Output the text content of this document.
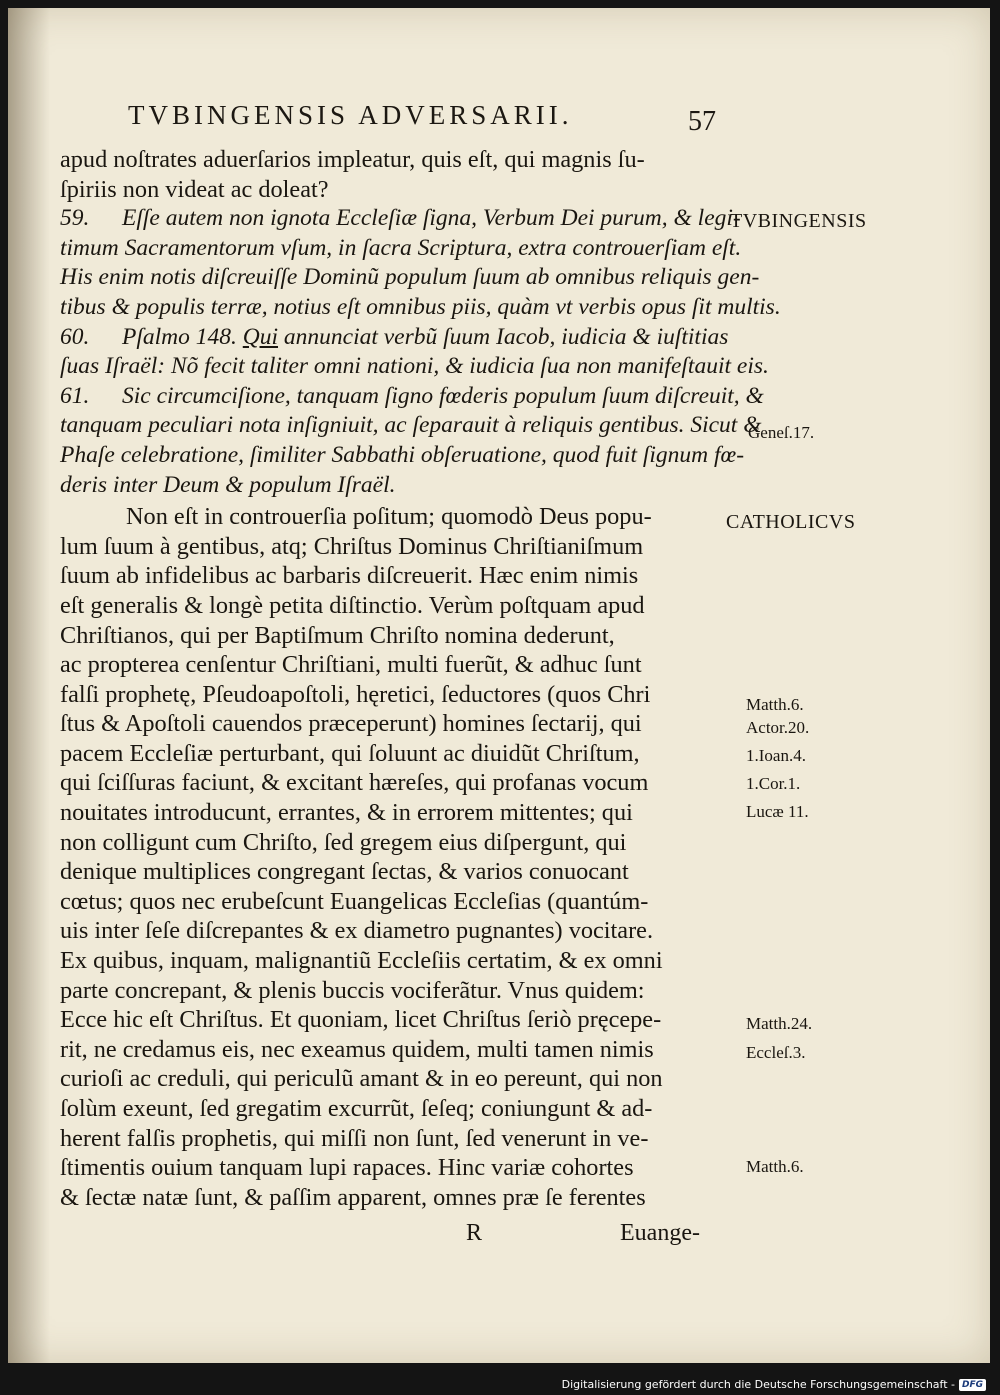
TVBINGENSIS ADVERSARII.	57
apud noſtrates aduerſarios impleatur, quis eſt, qui magnis ſu-
ſpiriis non videat ac doleat?
59. Eſſe autem non ignota Eccleſiæ ſigna, Verbum Dei purum, & legi-
timum Sacramentorum vſum, in ſacra Scriptura, extra controuerſiam eſt.
His enim notis diſcreuiſſe Dominũ populum ſuum ab omnibus reliquis gen-
tibus & populis terræ, notius eſt omnibus piis, quàm vt verbis opus ſit multis.
60. Pſalmo 148. Qui annunciat verbũ ſuum Iacob, iudicia & iuſtitias
ſuas Iſraël: Nõ fecit taliter omni nationi, & iudicia ſua non manifeſtauit eis.
61. Sic circumciſione, tanquam ſigno fœderis populum ſuum diſcreuit, &
tanquam peculiari nota inſigniuit, ac ſeparauit à reliquis gentibus. Sicut &
Phaſe celebratione, ſimiliter Sabbathi obſeruatione, quod fuit ſignum fœ-
deris inter Deum & populum Iſraël.
Non eſt in controuerſia poſitum; quomodò Deus popu-
lum ſuum à gentibus, atq; Chriſtus Dominus Chriſtianiſmum
ſuum ab infidelibus ac barbaris diſcreuerit. Hæc enim nimis
eſt generalis & longè petita diſtinctio. Verùm poſtquam apud
Chriſtianos, qui per Baptiſmum Chriſto nomina dederunt,
ac propterea cenſentur Chriſtiani, multi fuerũt, & adhuc ſunt
falſi prophetę, Pſeudoapoſtoli, hęretici, ſeductores (quos Chri
ſtus & Apoſtoli cauendos præceperunt) homines ſectarij, qui
pacem Eccleſiæ perturbant, qui ſoluunt ac diuidũt Chriſtum,
qui ſciſſuras faciunt, & excitant hæreſes, qui profanas vocum
nouitates introducunt, errantes, & in errorem mittentes; qui
non colligunt cum Chriſto, ſed gregem eius diſpergunt, qui
denique multiplices congregant ſectas, & varios conuocant
cœtus; quos nec erubeſcunt Euangelicas Eccleſias (quantúm-
uis inter ſeſe diſcrepantes & ex diametro pugnantes) vocitare.
Ex quibus, inquam, malignantiũ Eccleſiis certatim, & ex omni
parte concrepant, & plenis buccis vociferãtur. Vnus quidem:
Ecce hic eſt Chriſtus. Et quoniam, licet Chriſtus ſeriò pręcepe-
rit, ne credamus eis, nec exeamus quidem, multi tamen nimis
curioſi ac creduli, qui periculũ amant & in eo pereunt, qui non
ſolùm exeunt, ſed gregatim excurrũt, ſeſeq; coniungunt & ad-
herent falſis prophetis, qui miſſi non ſunt, ſed venerunt in ve-
ſtimentis ouium tanquam lupi rapaces. Hinc variæ cohortes
& ſectæ natæ ſunt, & paſſim apparent, omnes præ ſe ferentes
R	Euange-
TVBINGENSIS
Geneſ.17.
CATHOLICVS
Matth.6.
Actor.20.
1.Ioan.4.
1.Cor.1.
Lucæ 11.
Matth.24.
Eccleſ.3.
Matth.6.
Digitalisierung gefördert durch die Deutsche Forschungsgemeinschaft - DFG
